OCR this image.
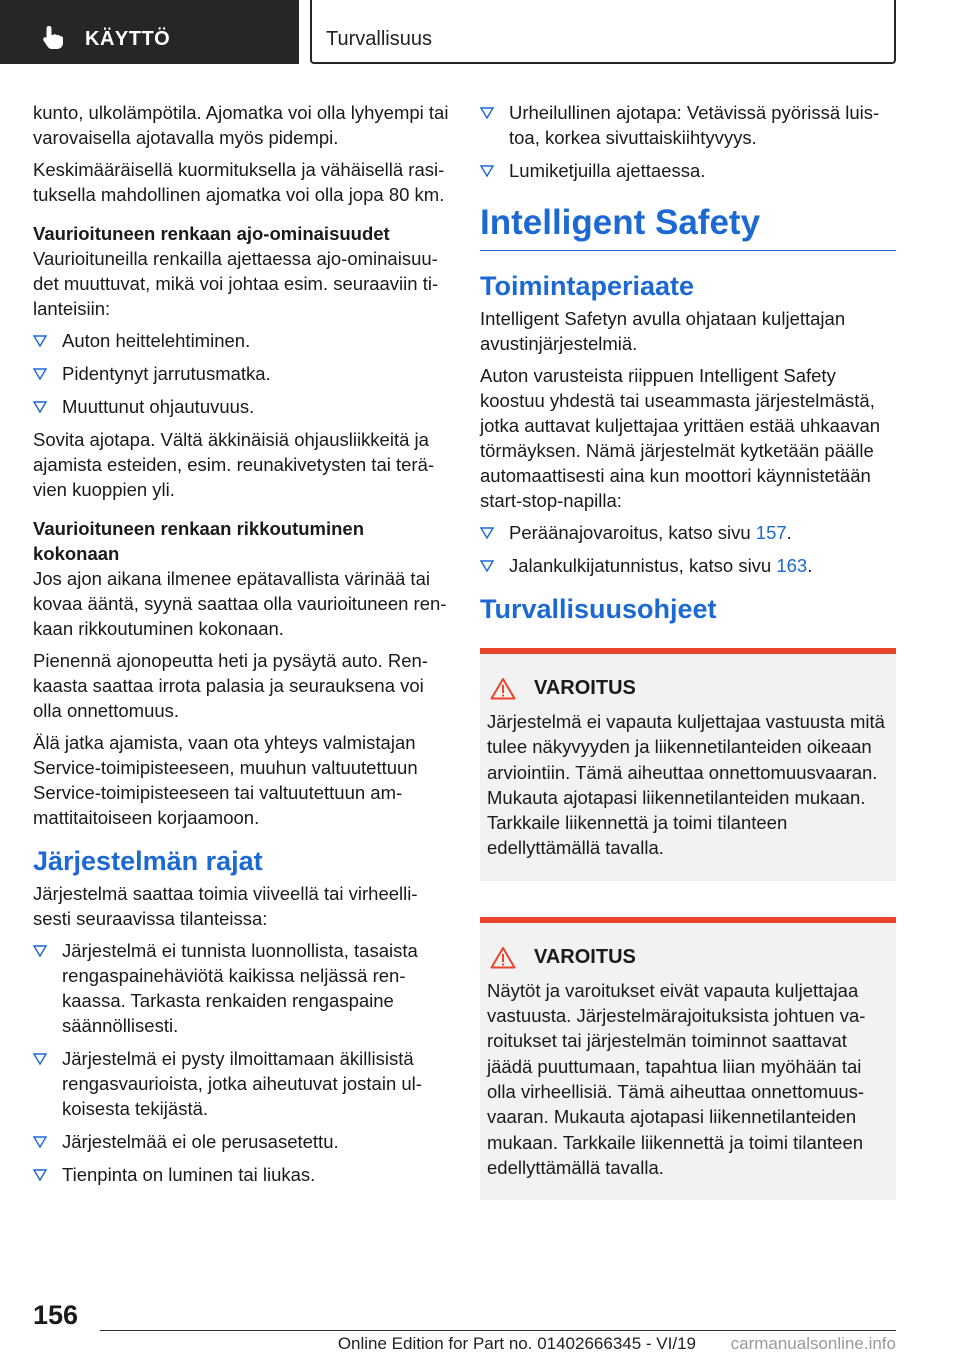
KÄYTTÖ	Turvallisuus

kunto, ulkolämpötila. Ajomatka voi olla lyhyempi tai varovaisella ajotavalla myös pidempi.

Keskimääräisellä kuormituksella ja vähäisellä rasituksella mahdollinen ajomatka voi olla jopa 80 km.

Vaurioituneen renkaan ajo-ominaisuudet

Vaurioituneilla renkailla ajettaessa ajo-ominaisuudet muuttuvat, mikä voi johtaa esim. seuraaviin tilanteisiin:

Auton heittelehtiminen.
Pidentynyt jarrutusmatka.
Muuttunut ohjautuvuus.

Sovita ajotapa. Vältä äkkinäisiä ohjausliikkeitä ja ajamista esteiden, esim. reunakivetysten tai terävien kuoppien yli.

Vaurioituneen renkaan rikkoutuminen kokonaan

Jos ajon aikana ilmenee epätavallista värinää tai kovaa ääntä, syynä saattaa olla vaurioituneen renkaan rikkoutuminen kokonaan.

Pienennä ajonopeutta heti ja pysäytä auto. Renkaasta saattaa irrota palasia ja seurauksena voi olla onnettomuus.

Älä jatka ajamista, vaan ota yhteys valmistajan Service-toimipisteeseen, muuhun valtuutettuun Service-toimipisteeseen tai valtuutettuun ammattitaitoiseen korjaamoon.

Järjestelmän rajat

Järjestelmä saattaa toimia viiveellä tai virheellisesti seuraavissa tilanteissa:

Järjestelmä ei tunnista luonnollista, tasaista rengaspainehäviötä kaikissa neljässä renkaassa. Tarkasta renkaiden rengaspaine säännöllisesti.
Järjestelmä ei pysty ilmoittamaan äkillisistä rengasvaurioista, jotka aiheutuvat jostain ulkoisesta tekijästä.
Järjestelmää ei ole perusasetettu.
Tienpinta on luminen tai liukas.
Urheilullinen ajotapa: Vetävissä pyörissä luistoa, korkea sivuttaiskiihtyvyys.
Lumiketjuilla ajettaessa.
Intelligent Safety
Toimintaperiaate

Intelligent Safetyn avulla ohjataan kuljettajan avustinjärjestelmiä.

Auton varusteista riippuen Intelligent Safety koostuu yhdestä tai useammasta järjestelmästä, jotka auttavat kuljettajaa yrittäen estää uhkaavan törmäyksen. Nämä järjestelmät kytketään päälle automaattisesti aina kun moottori käynnistetään start-stop-napilla:

Peräänajovaroitus, katso sivu 157.
Jalankulkijatunnistus, katso sivu 163.
Turvallisuusohjeet
VAROITUS

Järjestelmä ei vapauta kuljettajaa vastuusta mitä tulee näkyvyyden ja liikennetilanteiden oikeaan arviointiin. Tämä aiheuttaa onnettomuusvaaran. Mukauta ajotapasi liikennetilanteiden mukaan. Tarkkaile liikennettä ja toimi tilanteen edellyttämällä tavalla.

VAROITUS

Näytöt ja varoitukset eivät vapauta kuljettajaa vastuusta. Järjestelmärajoituksista johtuen varoitukset tai järjestelmän toiminnot saattavat jäädä puuttumaan, tapahtua liian myöhään tai olla virheellisiä. Tämä aiheuttaa onnettomuusvaaran. Mukauta ajotapasi liikennetilanteiden mukaan. Tarkkaile liikennettä ja toimi tilanteen edellyttämällä tavalla.

156
Online Edition for Part no. 01402666345 - VI/19	carmanualsonline.info
